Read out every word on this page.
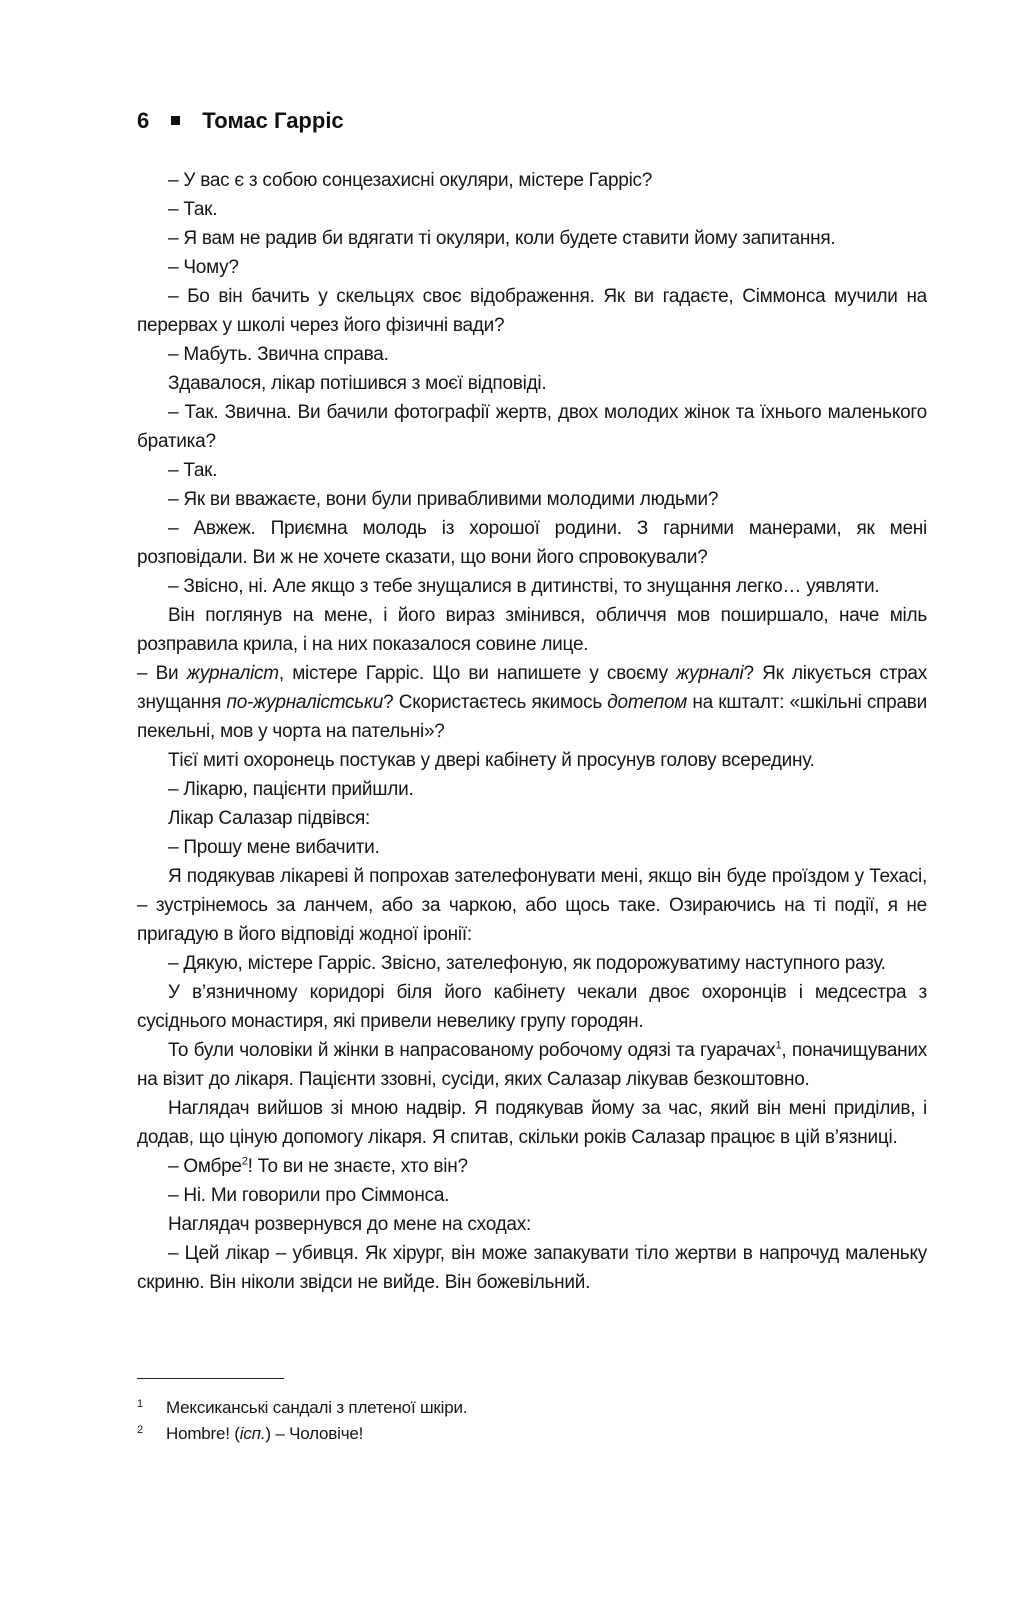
6 Томас Гарріс

– У вас є з собою сонцезахисні окуляри, містере Гарріс?

– Так.

– Я вам не радив би вдягати ті окуляри, коли будете ставити йому запитання.

– Чому?

– Бо він бачить у скельцях своє відображення. Як ви гадаєте, Сіммонса мучили на перервах у школі через його фізичні вади?

– Мабуть. Звична справа.

Здавалося, лікар потішився з моєї відповіді.

– Так. Звична. Ви бачили фотографії жертв, двох молодих жінок та їхнього маленького братика?

– Так.

– Як ви вважаєте, вони були привабливими молодими людьми?

– Авжеж. Приємна молодь із хорошої родини. З гарними манерами, як мені розповідали. Ви ж не хочете сказати, що вони його спровокували?

– Звісно, ні. Але якщо з тебе знущалися в дитинстві, то знущання легко… уявляти.

Він поглянув на мене, і його вираз змінився, обличчя мов поширшало, наче міль розправила крила, і на них показалося совине лице.

– Ви журналіст, містере Гарріс. Що ви напишете у своєму журналі? Як лікується страх знущання по-журналістськи? Скористаєтесь якимось дотепом на кшталт: «шкільні справи пекельні, мов у чорта на пательні»?

Тієї миті охоронець постукав у двері кабінету й просунув голову всередину.

– Лікарю, пацієнти прийшли.

Лікар Салазар підвівся:

– Прошу мене вибачити.

Я подякував лікареві й попрохав зателефонувати мені, якщо він буде проїздом у Техасі, – зустрінемось за ланчем, або за чаркою, або щось таке. Озираючись на ті події, я не пригадую в його відповіді жодної іронії:

– Дякую, містере Гарріс. Звісно, зателефоную, як подорожуватиму наступного разу.

У в’язничному коридорі біля його кабінету чекали двоє охоронців і медсестра з сусіднього монастиря, які привели невелику групу городян.

То були чоловіки й жінки в напрасованому робочому одязі та гуарачах$^1$, поначищуваних на візит до лікаря. Пацієнти ззовні, сусіди, яких Салазар лікував безкоштовно.

Наглядач вийшов зі мною надвір. Я подякував йому за час, який він мені приділив, і додав, що ціную допомогу лікаря. Я спитав, скільки років Салазар працює в цій в’язниці.

– Омбре$^2$! То ви не знаєте, хто він?

– Ні. Ми говорили про Сіммонса.

Наглядач розвернувся до мене на сходах:

– Цей лікар – убивця. Як хірург, він може запакувати тіло жертви в напрочуд маленьку скриню. Він ніколи звідси не вийде. Він божевільний.

1	Мексиканські сандалі з плетеної шкіри.
2	Hombre! (ісп.) – Чоловіче!
